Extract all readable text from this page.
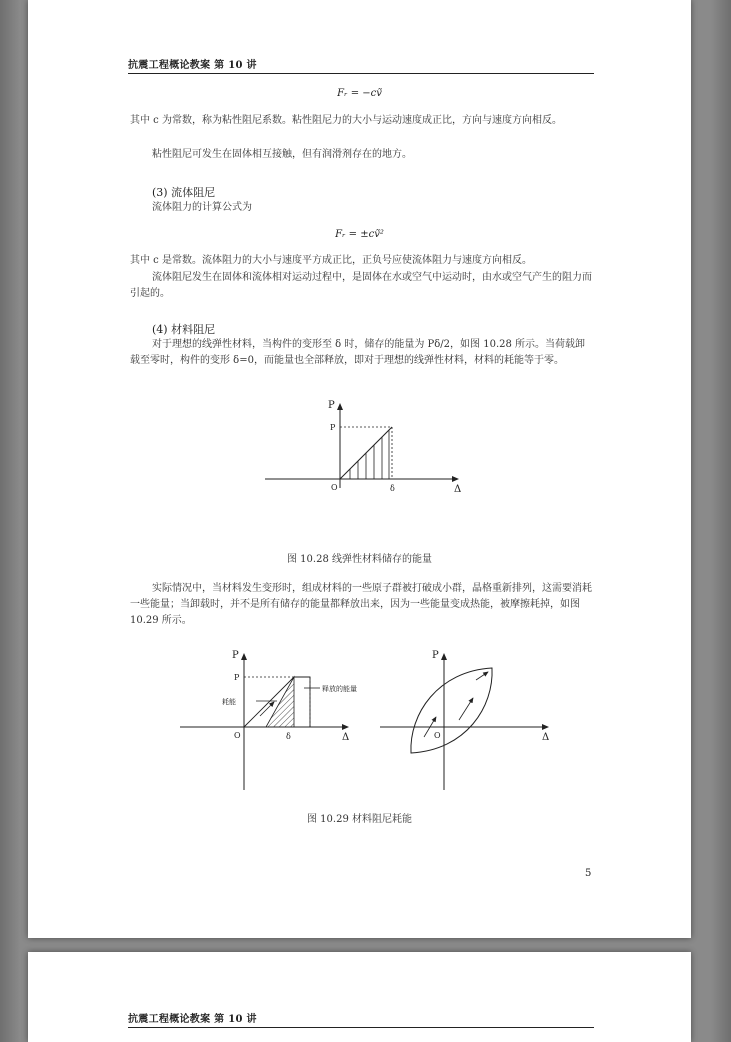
抗震工程概论教案 第 10 讲
Fᵣ = −cṽ
其中 c 为常数，称为粘性阻尼系数。粘性阻尼力的大小与运动速度成正比，方向与速度方向相反。
粘性阻尼可发生在固体相互接触，但有润滑剂存在的地方。
(3) 流体阻尼
流体阻力的计算公式为
Fᵣ = ±cṽ²
其中 c 是常数。流体阻力的大小与速度平方成正比，正负号应使流体阻力与速度方向相反。
流体阻尼发生在固体和流体相对运动过程中，是固体在水或空气中运动时，由水或空气产生的阻力而引起的。
(4) 材料阻尼
对于理想的线弹性材料，当构件的变形至 δ 时，储存的能量为 Pδ/2，如图 10.28 所示。当荷载卸载至零时，构件的变形 δ=0，而能量也全部释放，即对于理想的线弹性材料，材料的耗能等于零。
P
P
O	δ	Δ
图 10.28 线弹性材料储存的能量
实际情况中，当材料发生变形时，组成材料的一些原子群被打破成小群，晶格重新排列，这需要消耗一些能量；当卸载时，并不是所有储存的能量都释放出来，因为一些能量变成热能，被摩擦耗掉，如图 10.29 所示。
P
P
O	δ	Δ
耗能
释放的能量
P
O	Δ
图 10.29 材料阻尼耗能
5
抗震工程概论教案 第 10 讲
